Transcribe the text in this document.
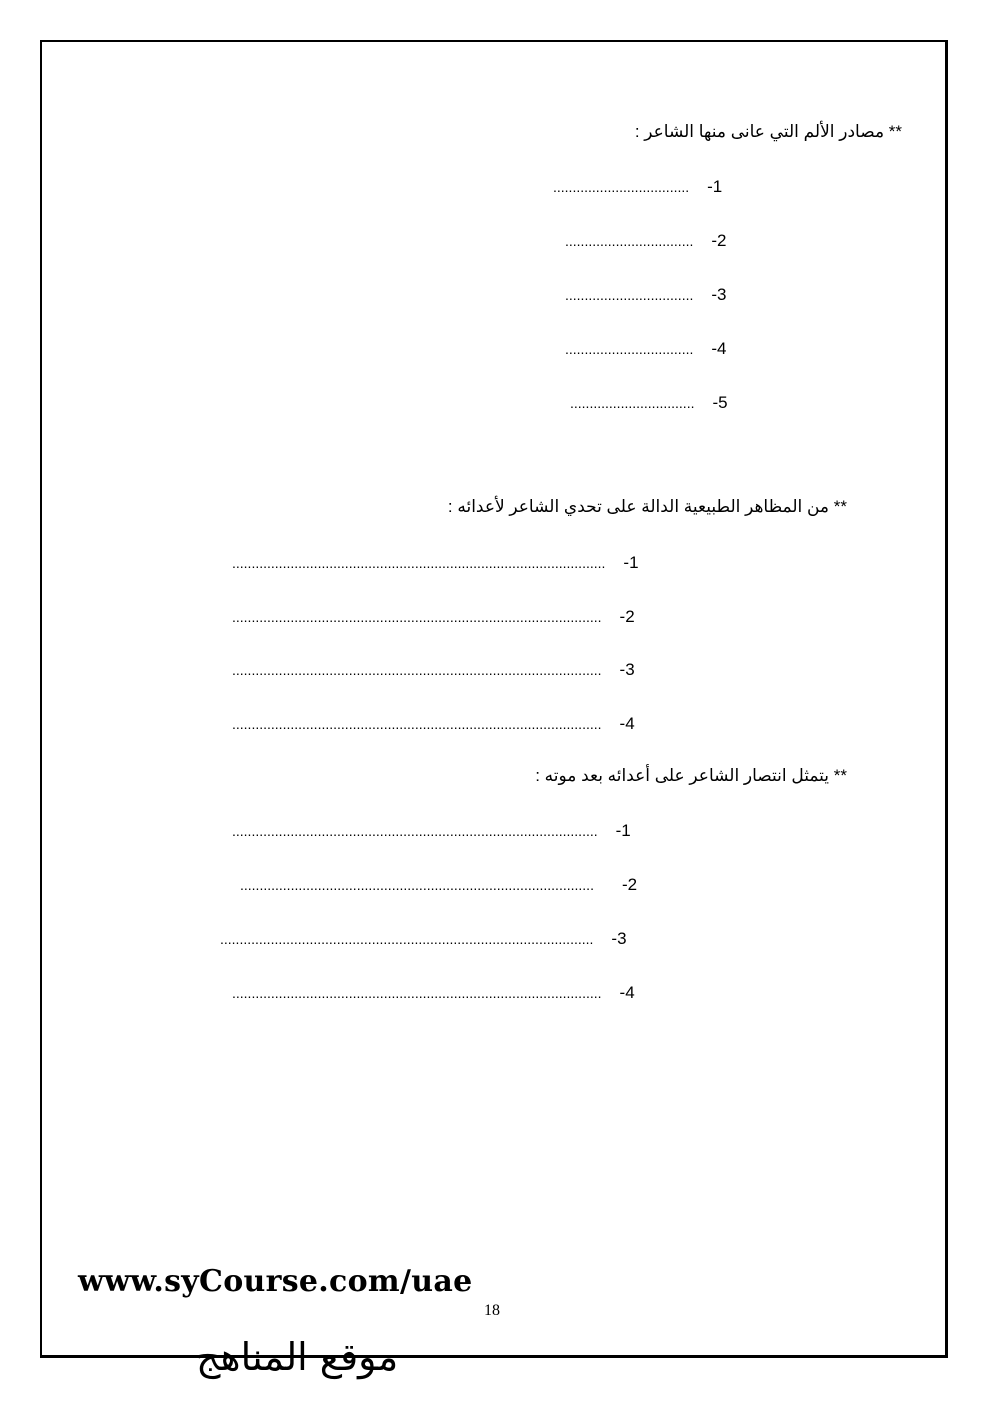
** مصادر الألم التي عانى منها الشاعر :
................................... -1
................................. -2
................................. -3
................................. -4
................................ -5
** من المظاهر الطبيعية الدالة على تحدي الشاعر لأعدائه :
................................................................................................ -1
............................................................................................... -2
............................................................................................... -3
............................................................................................... -4
** يتمثل انتصار الشاعر على أعدائه بعد موته :
.............................................................................................. -1
........................................................................................... -2
................................................................................................ -3
............................................................................................... -4
www.syCourse.com/uae
18
موقع المناهج
